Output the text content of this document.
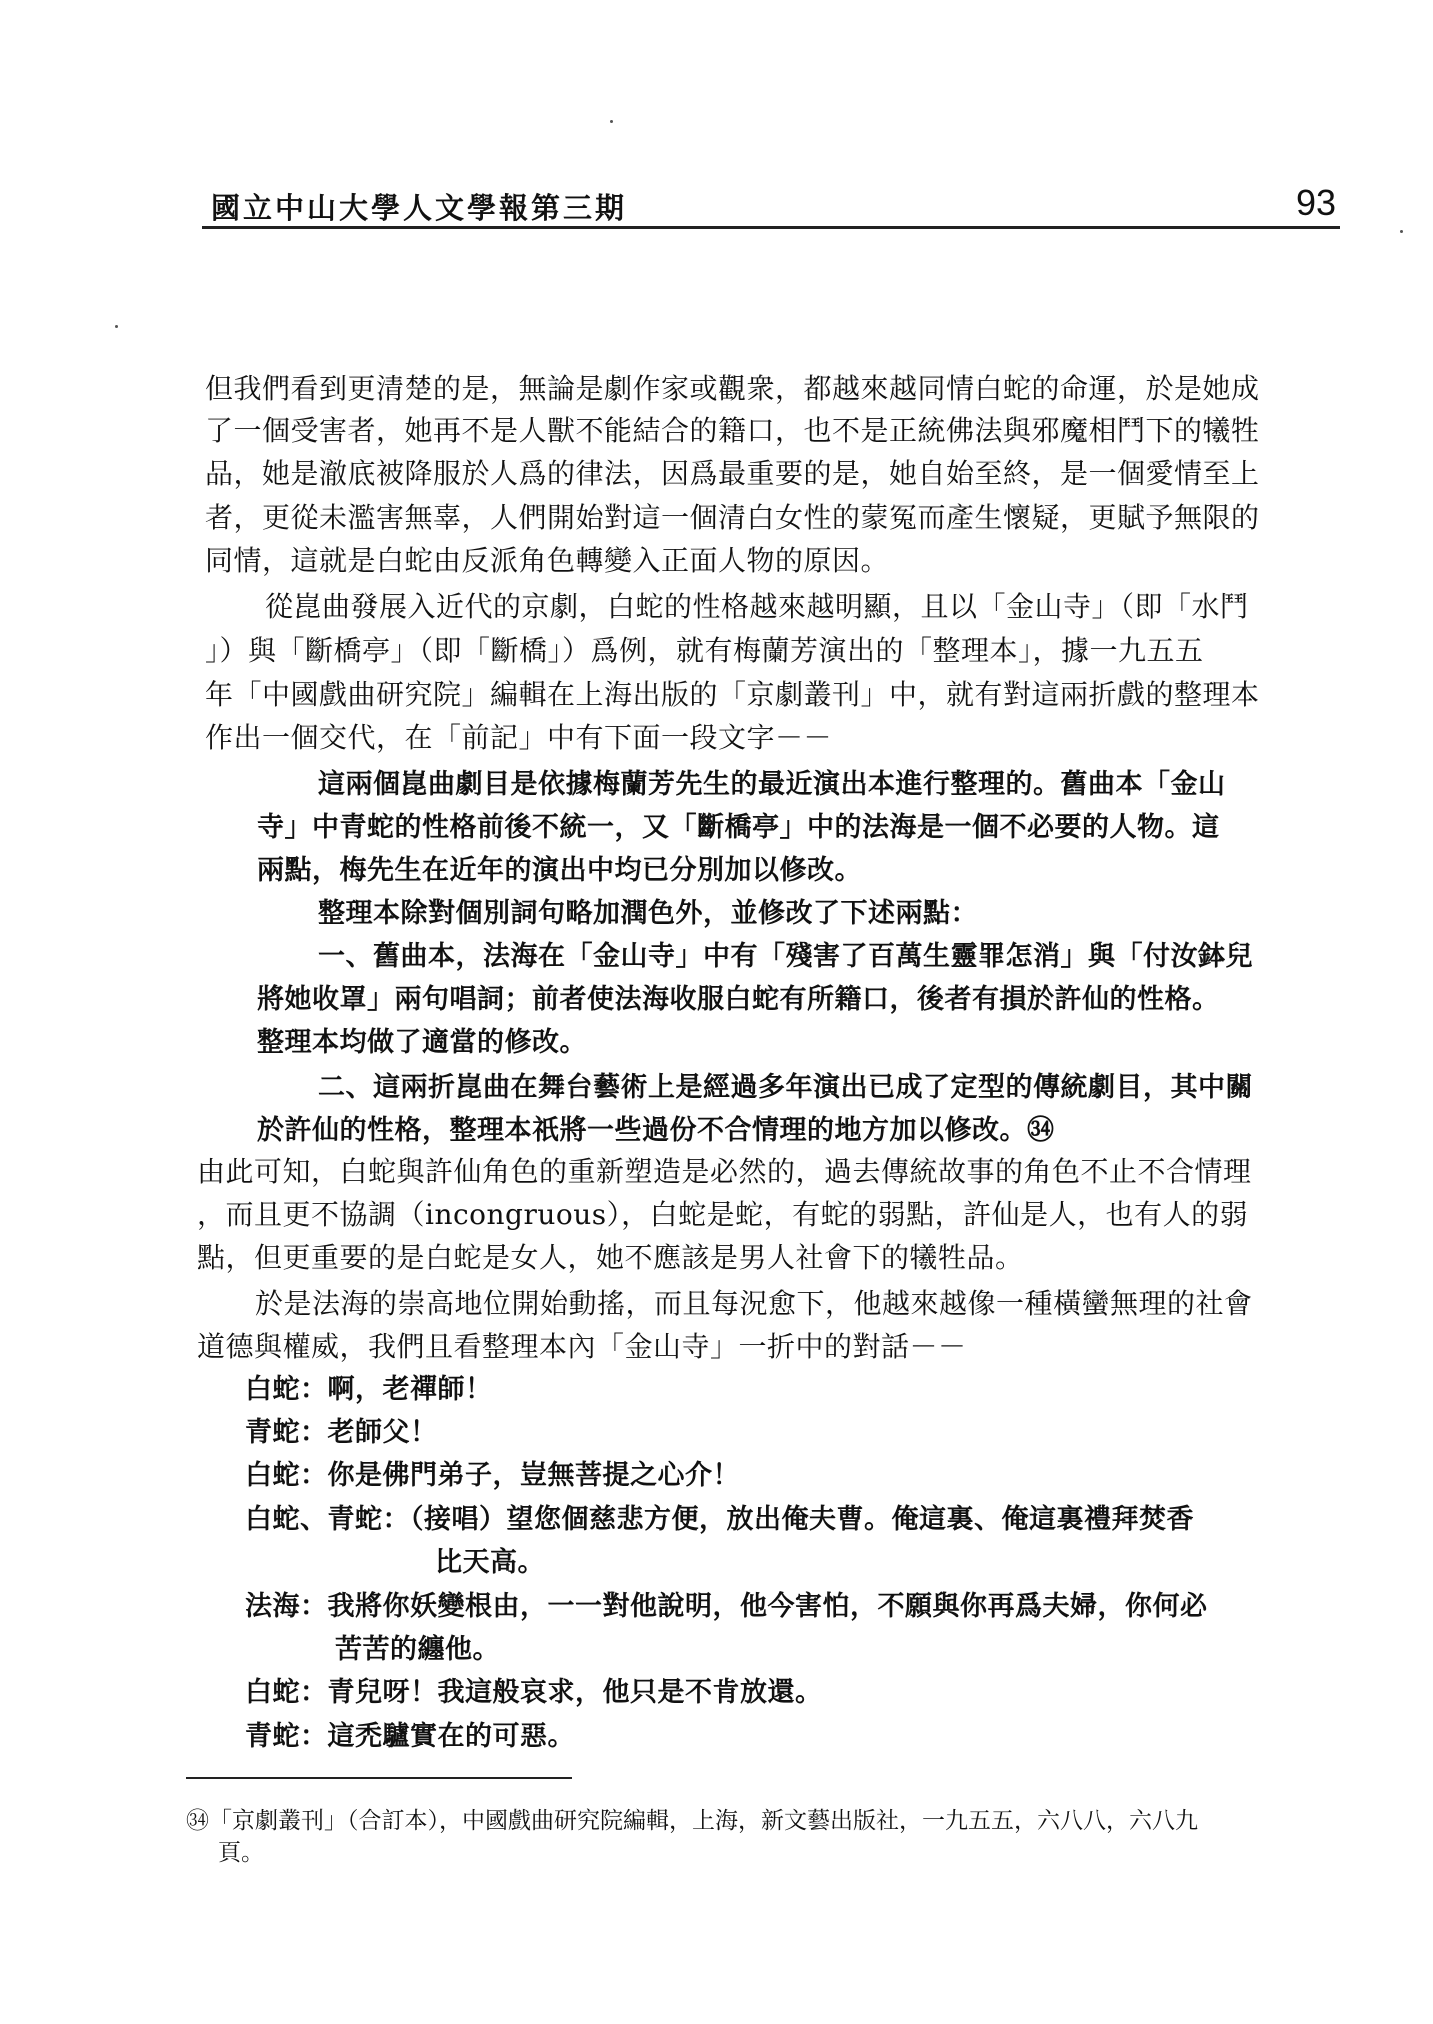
國立中山大學人文學報第三期	93
但我們看到更清楚的是，無論是劇作家或觀衆，都越來越同情白蛇的命運，於是她成
了一個受害者，她再不是人獸不能結合的籍口，也不是正統佛法與邪魔相鬥下的犧牲
品，她是澈底被降服於人爲的律法，因爲最重要的是，她自始至終，是一個愛情至上
者，更從未濫害無辜，人們開始對這一個清白女性的蒙冤而產生懷疑，更賦予無限的
同情，這就是白蛇由反派角色轉變入正面人物的原因。
從崑曲發展入近代的京劇，白蛇的性格越來越明顯，且以「金山寺」（即「水鬥
」）與「斷橋亭」（即「斷橋」）爲例，就有梅蘭芳演出的「整理本」，據一九五五
年「中國戲曲研究院」編輯在上海出版的「京劇叢刊」中，就有對這兩折戲的整理本
作出一個交代，在「前記」中有下面一段文字－－
這兩個崑曲劇目是依據梅蘭芳先生的最近演出本進行整理的。舊曲本「金山
寺」中青蛇的性格前後不統一，又「斷橋亭」中的法海是一個不必要的人物。這
兩點，梅先生在近年的演出中均已分別加以修改。
整理本除對個別詞句略加潤色外，並修改了下述兩點：
一、舊曲本，法海在「金山寺」中有「殘害了百萬生靈罪怎消」與「付汝鉢兒
將她收罩」兩句唱詞；前者使法海收服白蛇有所籍口，後者有損於許仙的性格。
整理本均做了適當的修改。
二、這兩折崑曲在舞台藝術上是經過多年演出已成了定型的傳統劇目，其中關
於許仙的性格，整理本祇將一些過份不合情理的地方加以修改。㉞
由此可知，白蛇與許仙角色的重新塑造是必然的，過去傳統故事的角色不止不合情理
，而且更不協調（incongruous），白蛇是蛇，有蛇的弱點，許仙是人，也有人的弱
點，但更重要的是白蛇是女人，她不應該是男人社會下的犧牲品。
於是法海的崇高地位開始動搖，而且每況愈下，他越來越像一種橫蠻無理的社會
道德與權威，我們且看整理本內「金山寺」一折中的對話－－
白蛇：啊，老禪師！
青蛇：老師父！
白蛇：你是佛門弟子，豈無菩提之心介！
白蛇、青蛇：（接唱）望您個慈悲方便，放出俺夫曹。俺這裏、俺這裏禮拜焚香
比天高。
法海：我將你妖變根由，一一對他說明，他今害怕，不願與你再爲夫婦，你何必
苦苦的纏他。
白蛇：青兒呀！我這般哀求，他只是不肯放還。
青蛇：這禿驢實在的可惡。
㉞「京劇叢刊」（合訂本），中國戲曲研究院編輯，上海，新文藝出版社，一九五五，六八八，六八九
頁。
